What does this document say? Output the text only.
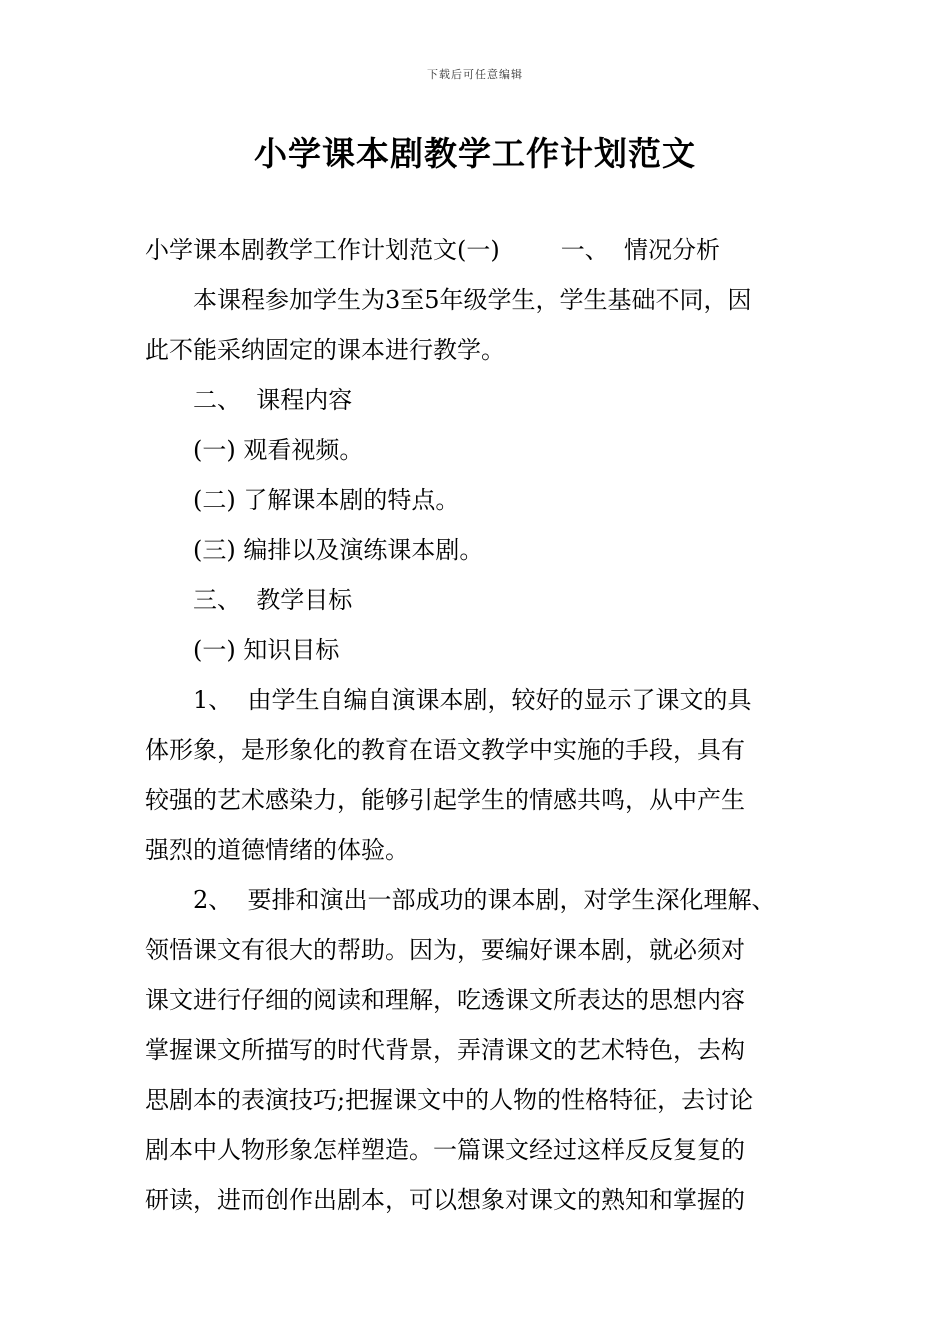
下载后可任意编辑
小学课本剧教学工作计划范文
小学课本剧教学工作计划范文(一)        一、  情况分析
本课程参加学生为3至5年级学生，学生基础不同，因
此不能采纳固定的课本进行教学。
二、  课程内容
(一) 观看视频。
(二) 了解课本剧的特点。
(三) 编排以及演练课本剧。
三、  教学目标
(一) 知识目标
1、  由学生自编自演课本剧，较好的显示了课文的具
体形象，是形象化的教育在语文教学中实施的手段，具有
较强的艺术感染力，能够引起学生的情感共鸣，从中产生
强烈的道德情绪的体验。
2、  要排和演出一部成功的课本剧，对学生深化理解、
领悟课文有很大的帮助。因为，要编好课本剧，就必须对
课文进行仔细的阅读和理解，吃透课文所表达的思想内容
掌握课文所描写的时代背景，弄清课文的艺术特色，去构
思剧本的表演技巧;把握课文中的人物的性格特征，去讨论
剧本中人物形象怎样塑造。一篇课文经过这样反反复复的
研读，进而创作出剧本，可以想象对课文的熟知和掌握的
